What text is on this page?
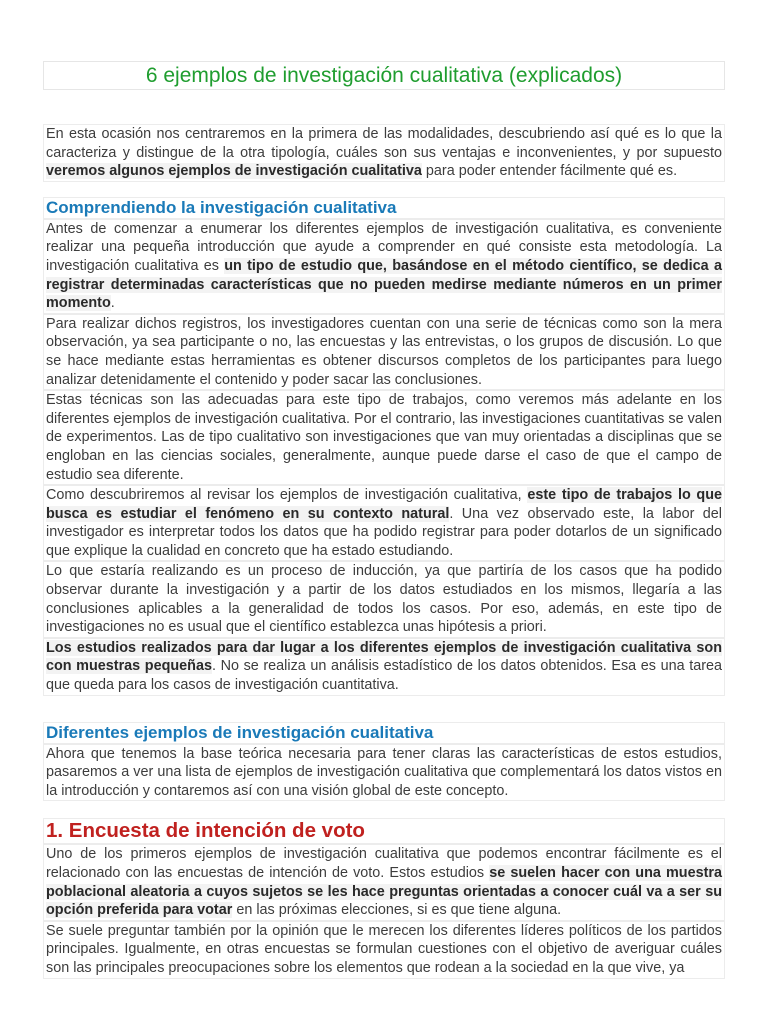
6 ejemplos de investigación cualitativa (explicados)

En esta ocasión nos centraremos en la primera de las modalidades, descubriendo así qué es lo que la caracteriza y distingue de la otra tipología, cuáles son sus ventajas e inconvenientes, y por supuesto veremos algunos ejemplos de investigación cualitativa para poder entender fácilmente qué es.

Comprendiendo la investigación cualitativa

Antes de comenzar a enumerar los diferentes ejemplos de investigación cualitativa, es conveniente realizar una pequeña introducción que ayude a comprender en qué consiste esta metodología. La investigación cualitativa es un tipo de estudio que, basándose en el método científico, se dedica a registrar determinadas características que no pueden medirse mediante números en un primer momento.

Para realizar dichos registros, los investigadores cuentan con una serie de técnicas como son la mera observación, ya sea participante o no, las encuestas y las entrevistas, o los grupos de discusión. Lo que se hace mediante estas herramientas es obtener discursos completos de los participantes para luego analizar detenidamente el contenido y poder sacar las conclusiones.

Estas técnicas son las adecuadas para este tipo de trabajos, como veremos más adelante en los diferentes ejemplos de investigación cualitativa. Por el contrario, las investigaciones cuantitativas se valen de experimentos. Las de tipo cualitativo son investigaciones que van muy orientadas a disciplinas que se engloban en las ciencias sociales, generalmente, aunque puede darse el caso de que el campo de estudio sea diferente.

Como descubriremos al revisar los ejemplos de investigación cualitativa, este tipo de trabajos lo que busca es estudiar el fenómeno en su contexto natural. Una vez observado este, la labor del investigador es interpretar todos los datos que ha podido registrar para poder dotarlos de un significado que explique la cualidad en concreto que ha estado estudiando.

Lo que estaría realizando es un proceso de inducción, ya que partiría de los casos que ha podido observar durante la investigación y a partir de los datos estudiados en los mismos, llegaría a las conclusiones aplicables a la generalidad de todos los casos. Por eso, además, en este tipo de investigaciones no es usual que el científico establezca unas hipótesis a priori.

Los estudios realizados para dar lugar a los diferentes ejemplos de investigación cualitativa son con muestras pequeñas. No se realiza un análisis estadístico de los datos obtenidos. Esa es una tarea que queda para los casos de investigación cuantitativa.

Diferentes ejemplos de investigación cualitativa

Ahora que tenemos la base teórica necesaria para tener claras las características de estos estudios, pasaremos a ver una lista de ejemplos de investigación cualitativa que complementará los datos vistos en la introducción y contaremos así con una visión global de este concepto.

1. Encuesta de intención de voto

Uno de los primeros ejemplos de investigación cualitativa que podemos encontrar fácilmente es el relacionado con las encuestas de intención de voto. Estos estudios se suelen hacer con una muestra poblacional aleatoria a cuyos sujetos se les hace preguntas orientadas a conocer cuál va a ser su opción preferida para votar en las próximas elecciones, si es que tiene alguna.

Se suele preguntar también por la opinión que le merecen los diferentes líderes políticos de los partidos principales. Igualmente, en otras encuestas se formulan cuestiones con el objetivo de averiguar cuáles son las principales preocupaciones sobre los elementos que rodean a la sociedad en la que vive, ya
